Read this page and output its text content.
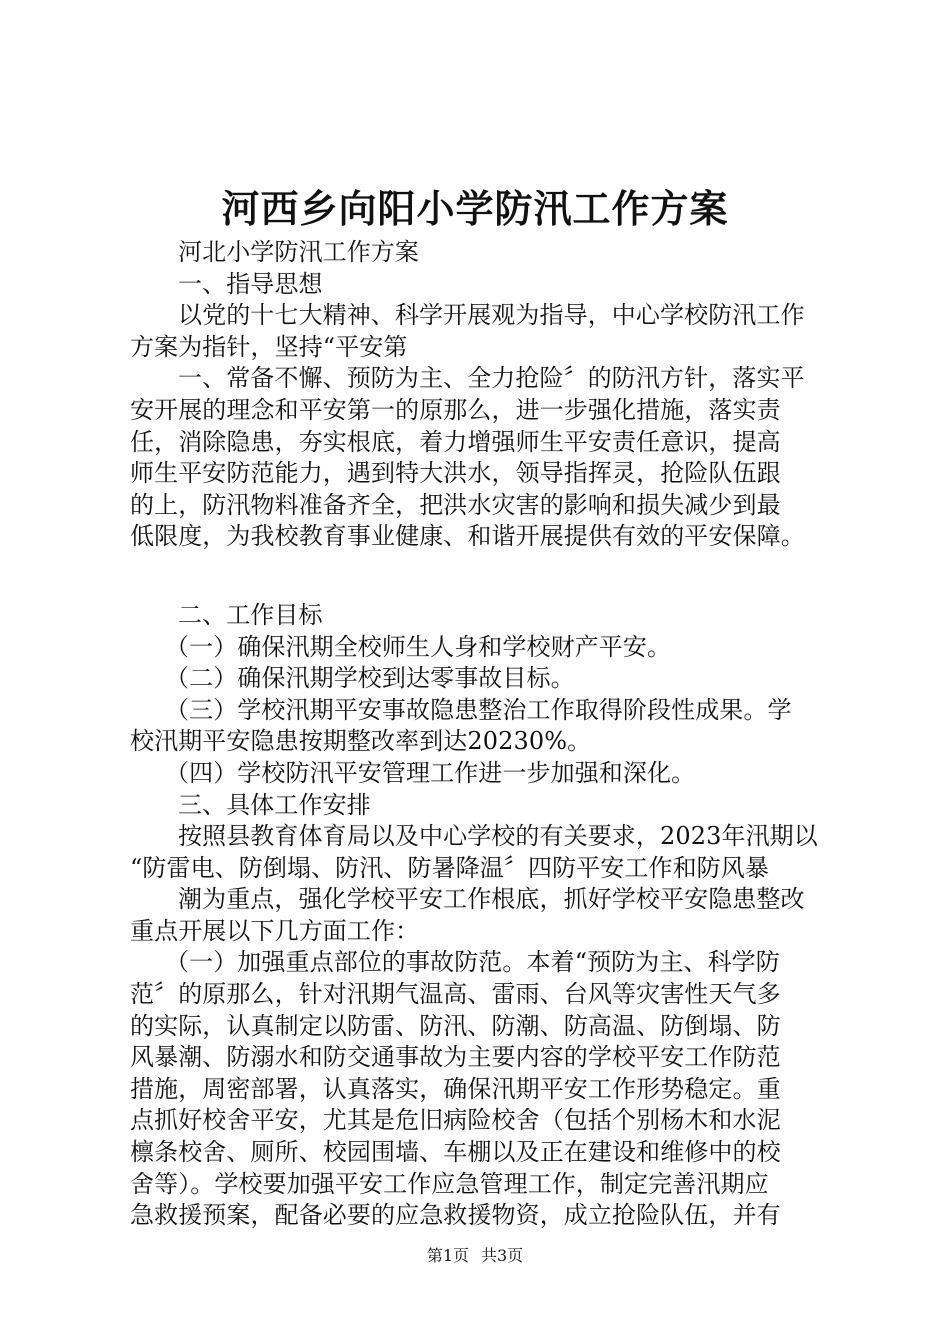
河西乡向阳小学防汛工作方案
河北小学防汛工作方案
一、指导思想
以党的十七大精神、科学开展观为指导，中心学校防汛工作
方案为指针，坚持“平安第
一、常备不懈、预防为主、全力抢险〞的防汛方针，落实平
安开展的理念和平安第一的原那么，进一步强化措施，落实责
任，消除隐患，夯实根底，着力增强师生平安责任意识，提高
师生平安防范能力，遇到特大洪水，领导指挥灵，抢险队伍跟
的上，防汛物料准备齐全，把洪水灾害的影响和损失减少到最
低限度，为我校教育事业健康、和谐开展提供有效的平安保障。
二、工作目标
（一）确保汛期全校师生人身和学校财产平安。
（二）确保汛期学校到达零事故目标。
（三）学校汛期平安事故隐患整治工作取得阶段性成果。学
校汛期平安隐患按期整改率到达20230%。
（四）学校防汛平安管理工作进一步加强和深化。
三、具体工作安排
按照县教育体育局以及中心学校的有关要求，2023年汛期以
“防雷电、防倒塌、防汛、防暑降温〞四防平安工作和防风暴
潮为重点，强化学校平安工作根底，抓好学校平安隐患整改
重点开展以下几方面工作：
（一）加强重点部位的事故防范。本着“预防为主、科学防
范〞的原那么，针对汛期气温高、雷雨、台风等灾害性天气多
的实际，认真制定以防雷、防汛、防潮、防高温、防倒塌、防
风暴潮、防溺水和防交通事故为主要内容的学校平安工作防范
措施，周密部署，认真落实，确保汛期平安工作形势稳定。重
点抓好校舍平安，尤其是危旧病险校舍（包括个别杨木和水泥
檩条校舍、厕所、校园围墙、车棚以及正在建设和维修中的校
舍等）。学校要加强平安工作应急管理工作，制定完善汛期应
急救援预案，配备必要的应急救援物资，成立抢险队伍，并有
第1页 共3页
